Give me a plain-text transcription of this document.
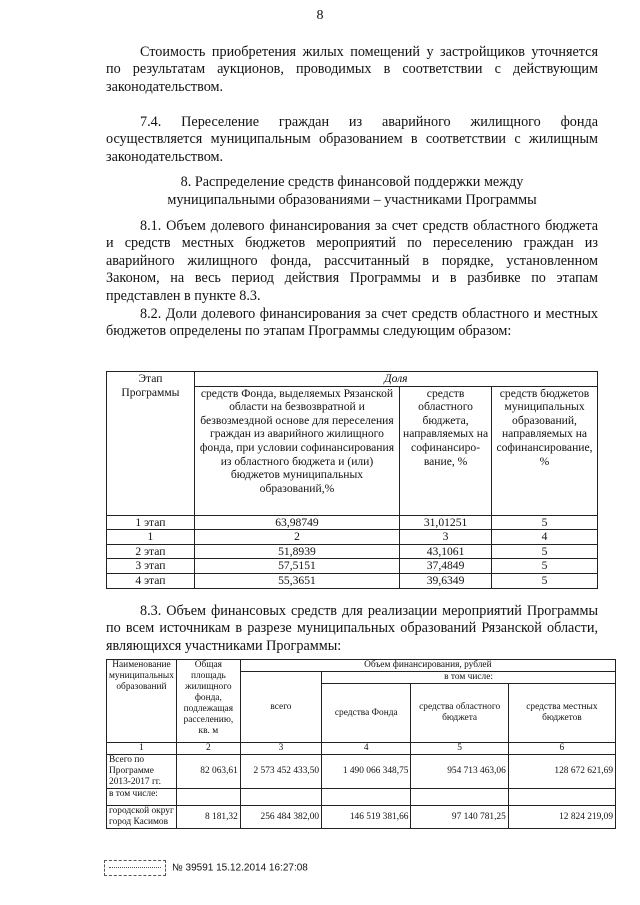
8

Стоимость приобретения жилых помещений у застройщиков уточняется по результатам аукционов, проводимых в соответствии с действующим законодательством.

7.4. Переселение граждан из аварийного жилищного фонда осуществляется муниципальным образованием в соответствии с жилищным законодательством.

8. Распределение средств финансовой поддержки между
муниципальными образованиями – участниками Программы

8.1. Объем долевого финансирования за счет средств областного бюджета и средств местных бюджетов мероприятий по переселению граждан из аварийного жилищного фонда, рассчитанный в порядке, установленном Законом, на весь период действия Программы и в разбивке по этапам представлен в пункте 8.3.

8.2. Доли долевого финансирования за счет средств областного и местных бюджетов определены по этапам Программы следующим образом:

Этап Программы	Доля		
	средств Фонда, выделяемых Рязанской области на безвозвратной и безвозмездной основе для переселения граждан из аварийного жилищного фонда, при условии софинансирования из областного бюджета и (или) бюджетов муниципальных образований,%	средств областного бюджета, направляемых на софинансиро-вание, %	средств бюджетов муниципальных образований, направляемых на софинансирование, %
1 этап	63,98749	31,01251	5
1	2	3	4
2 этап	51,8939	43,1061	5
3 этап	57,5151	37,4849	5
4 этап	55,3651	39,6349	5

8.3. Объем финансовых средств для реализации мероприятий Программы по всем источникам в разрезе муниципальных образований Рязанской области, являющихся участниками Программы:

Наименование муниципальных образований	Общая площадь жилищного фонда, подлежащая расселению, кв. м	Объем финансирования, рублей			
		всего	в том числе:		
			средства Фонда	средства областного бюджета	средства местных бюджетов
1	2	3	4	5	6
Всего по Программе 2013-2017 гг.	82 063,61	2 573 452 433,50	1 490 066 348,75	954 713 463,06	128 672 621,69
в том числе:					
городской округ город Касимов	8 181,32	256 484 382,00	146 519 381,66	97 140 781,25	12 824 219,09
№ 39591 15.12.2014 16:27:08
